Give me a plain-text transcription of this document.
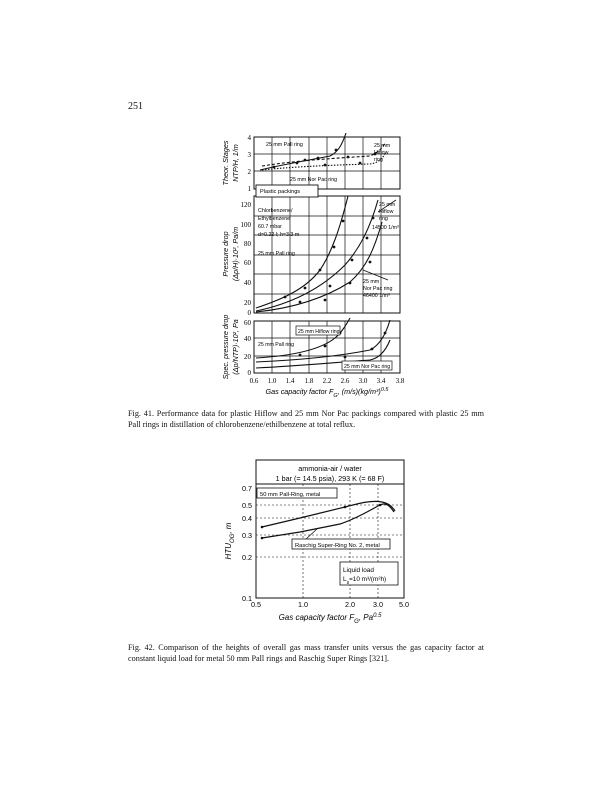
251
1
2
3
4
120
100
80
60
40
20
0
60
40
20
0
0.6 1.0 1.4 1.8 2.2 2.6 3.0 3.4 3.8
Gas capacity factor $F_G$, $(m/s)(kg/m^3)^{0.5}$
Theor. Stages NTP/H, 1/m
Pressure drop (Δp/H)·10², Pa/m
Spec. pressure drop (Δp/NTP)·10², Pa
25 mm Pall ring	25 mm
Hiflow
ring
25 mm Nor Pac ring
Plastic packings
Chlorbenzene/
Ethylbenzene
60.7 mbar
d=0.22 l; h=3.3 m
25 mm Pall ring
25 mm
Hiflow
ring
14500 1/m³
25 mm
Nor Pac ring
46400 1/m³
25 mm Hiflow ring
25 mm Pall ring
25 mm Nor Pac ring
Fig. 41. Performance data for plastic Hiflow and 25 mm Nor Pac packings compared with plastic 25 mm Pall rings in distillation of chlorobenzene/ethilbenzene at total reflux.
ammonia-air / water
1 bar (= 14.5 psia), 293 K (= 68 F)
0.7
0.5
0.4
0.3
0.2
0.1
0.5	1.0	2.0	3.0 5.0
$HTU_{OG}$, m
Gas capacity factor $F_G$, $Pa^{0.5}$
50 mm Pall-Ring, metal
Raschig Super-Ring No. 2, metal
Liquid load
$L_s=10$ m³/(m²h)
Fig. 42. Comparison of the heights of overall gas mass transfer units versus the gas capacity factor at constant liquid load for metal 50 mm Pall rings and Raschig Super Rings [321].
